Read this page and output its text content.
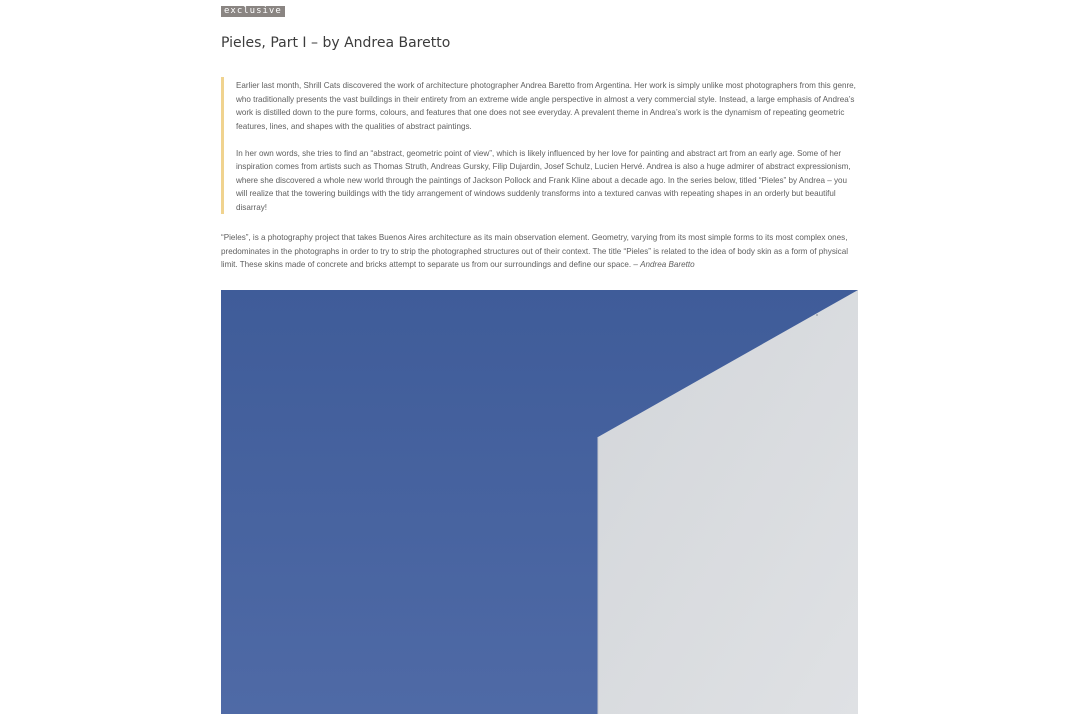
exclusive
Pieles, Part I – by Andrea Baretto

Earlier last month, Shrill Cats discovered the work of architecture photographer Andrea Baretto from Argentina. Her work is simply unlike most photographers from this genre, who traditionally presents the vast buildings in their entirety from an extreme wide angle perspective in almost a very commercial style. Instead, a large emphasis of Andrea’s work is distilled down to the pure forms, colours, and features that one does not see everyday. A prevalent theme in Andrea’s work is the dynamism of repeating geometric features, lines, and shapes with the qualities of abstract paintings.

In her own words, she tries to find an “abstract, geometric point of view”, which is likely influenced by her love for painting and abstract art from an early age. Some of her inspiration comes from artists such as Thomas Struth, Andreas Gursky, Filip Dujardin, Josef Schulz, Lucien Hervé. Andrea is also a huge admirer of abstract expressionism, where she discovered a whole new world through the paintings of Jackson Pollock and Frank Kline about a decade ago. In the series below, titled “Pieles” by Andrea – you will realize that the towering buildings with the tidy arrangement of windows suddenly transforms into a textured canvas with repeating shapes in an orderly but beautiful disarray!

“Pieles”, is a photography project that takes Buenos Aires architecture as its main observation element. Geometry, varying from its most simple forms to its most complex ones, predominates in the photographs in order to try to strip the photographed structures out of their context. The title “Pieles” is related to the idea of body skin as a form of physical limit. These skins made of concrete and bricks attempt to separate us from our surroundings and define our space. – Andrea Baretto
